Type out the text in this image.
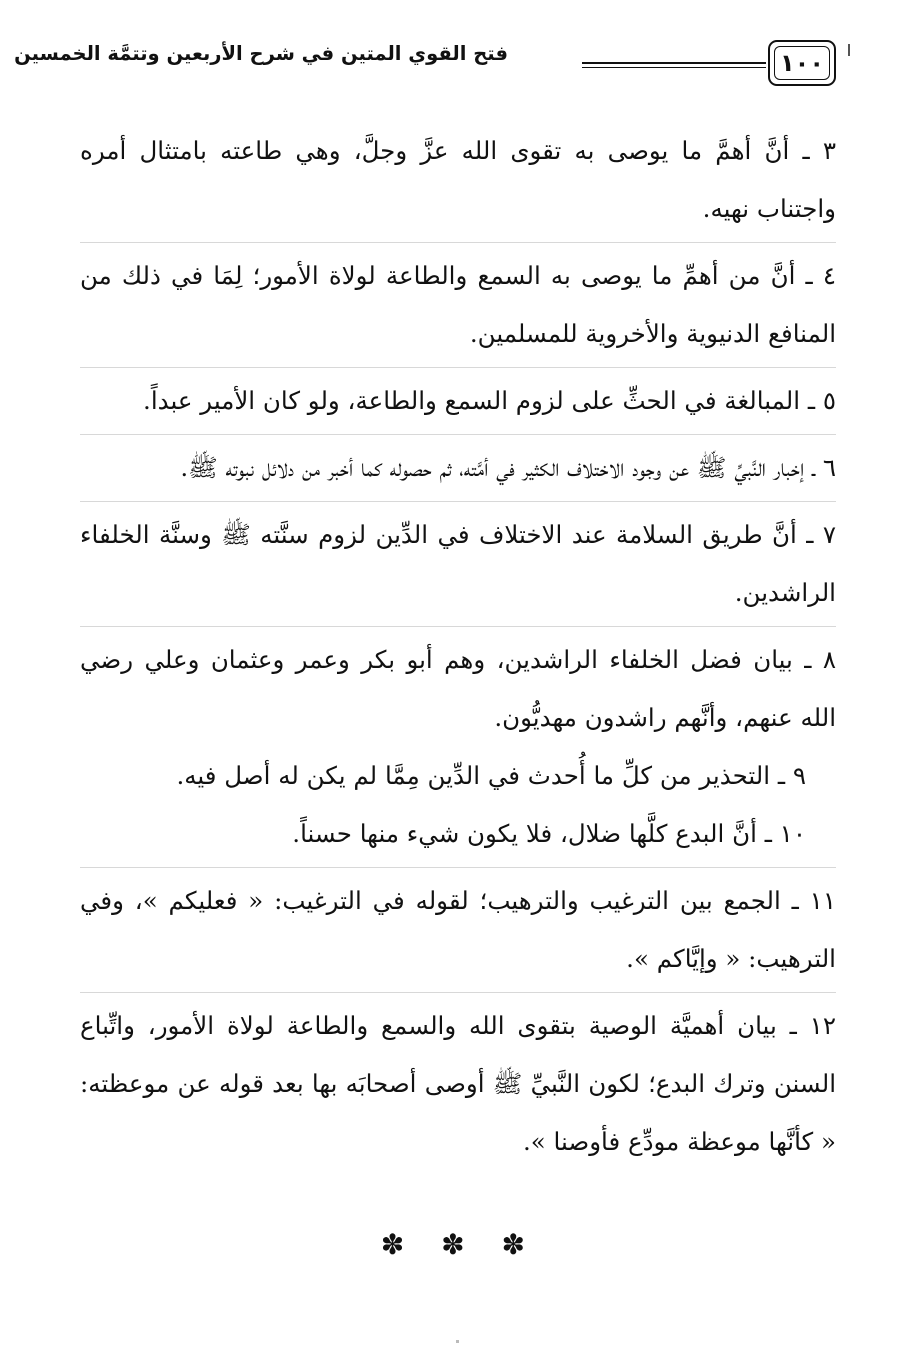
١٠٠
فتح القوي المتين في شرح الأربعين وتتمَّة الخمسين

٣ ـ أنَّ أهمَّ ما يوصى به تقوى الله عزَّ وجلَّ، وهي طاعته بامتثال أمره واجتناب نهيه.

٤ ـ أنَّ من أهمِّ ما يوصى به السمع والطاعة لولاة الأمور؛ لِمَا في ذلك من المنافع الدنيوية والأخروية للمسلمين.

٥ ـ المبالغة في الحثِّ على لزوم السمع والطاعة، ولو كان الأمير عبداً.

٦ ـ إخبار النَّبيِّ ﷺ عن وجود الاختلاف الكثير في أمَّته، ثم حصوله كما أخبر من دلائل نبوته ﷺ.

٧ ـ أنَّ طريق السلامة عند الاختلاف في الدِّين لزوم سنَّته ﷺ وسنَّة الخلفاء الراشدين.

٨ ـ بيان فضل الخلفاء الراشدين، وهم أبو بكر وعمر وعثمان وعلي رضي الله عنهم، وأنَّهم راشدون مهديُّون.

٩ ـ التحذير من كلِّ ما أُحدث في الدِّين مِمَّا لم يكن له أصل فيه.

١٠ ـ أنَّ البدع كلَّها ضلال، فلا يكون شيء منها حسناً.

١١ ـ الجمع بين الترغيب والترهيب؛ لقوله في الترغيب: « فعليكم »، وفي الترهيب: « وإيَّاكم ».

١٢ ـ بيان أهميَّة الوصية بتقوى الله والسمع والطاعة لولاة الأمور، واتِّباع السنن وترك البدع؛ لكون النَّبيِّ ﷺ أوصى أصحابَه بها بعد قوله عن موعظته: « كأنَّها موعظة مودِّع فأوصنا ».

✽ ✽ ✽
